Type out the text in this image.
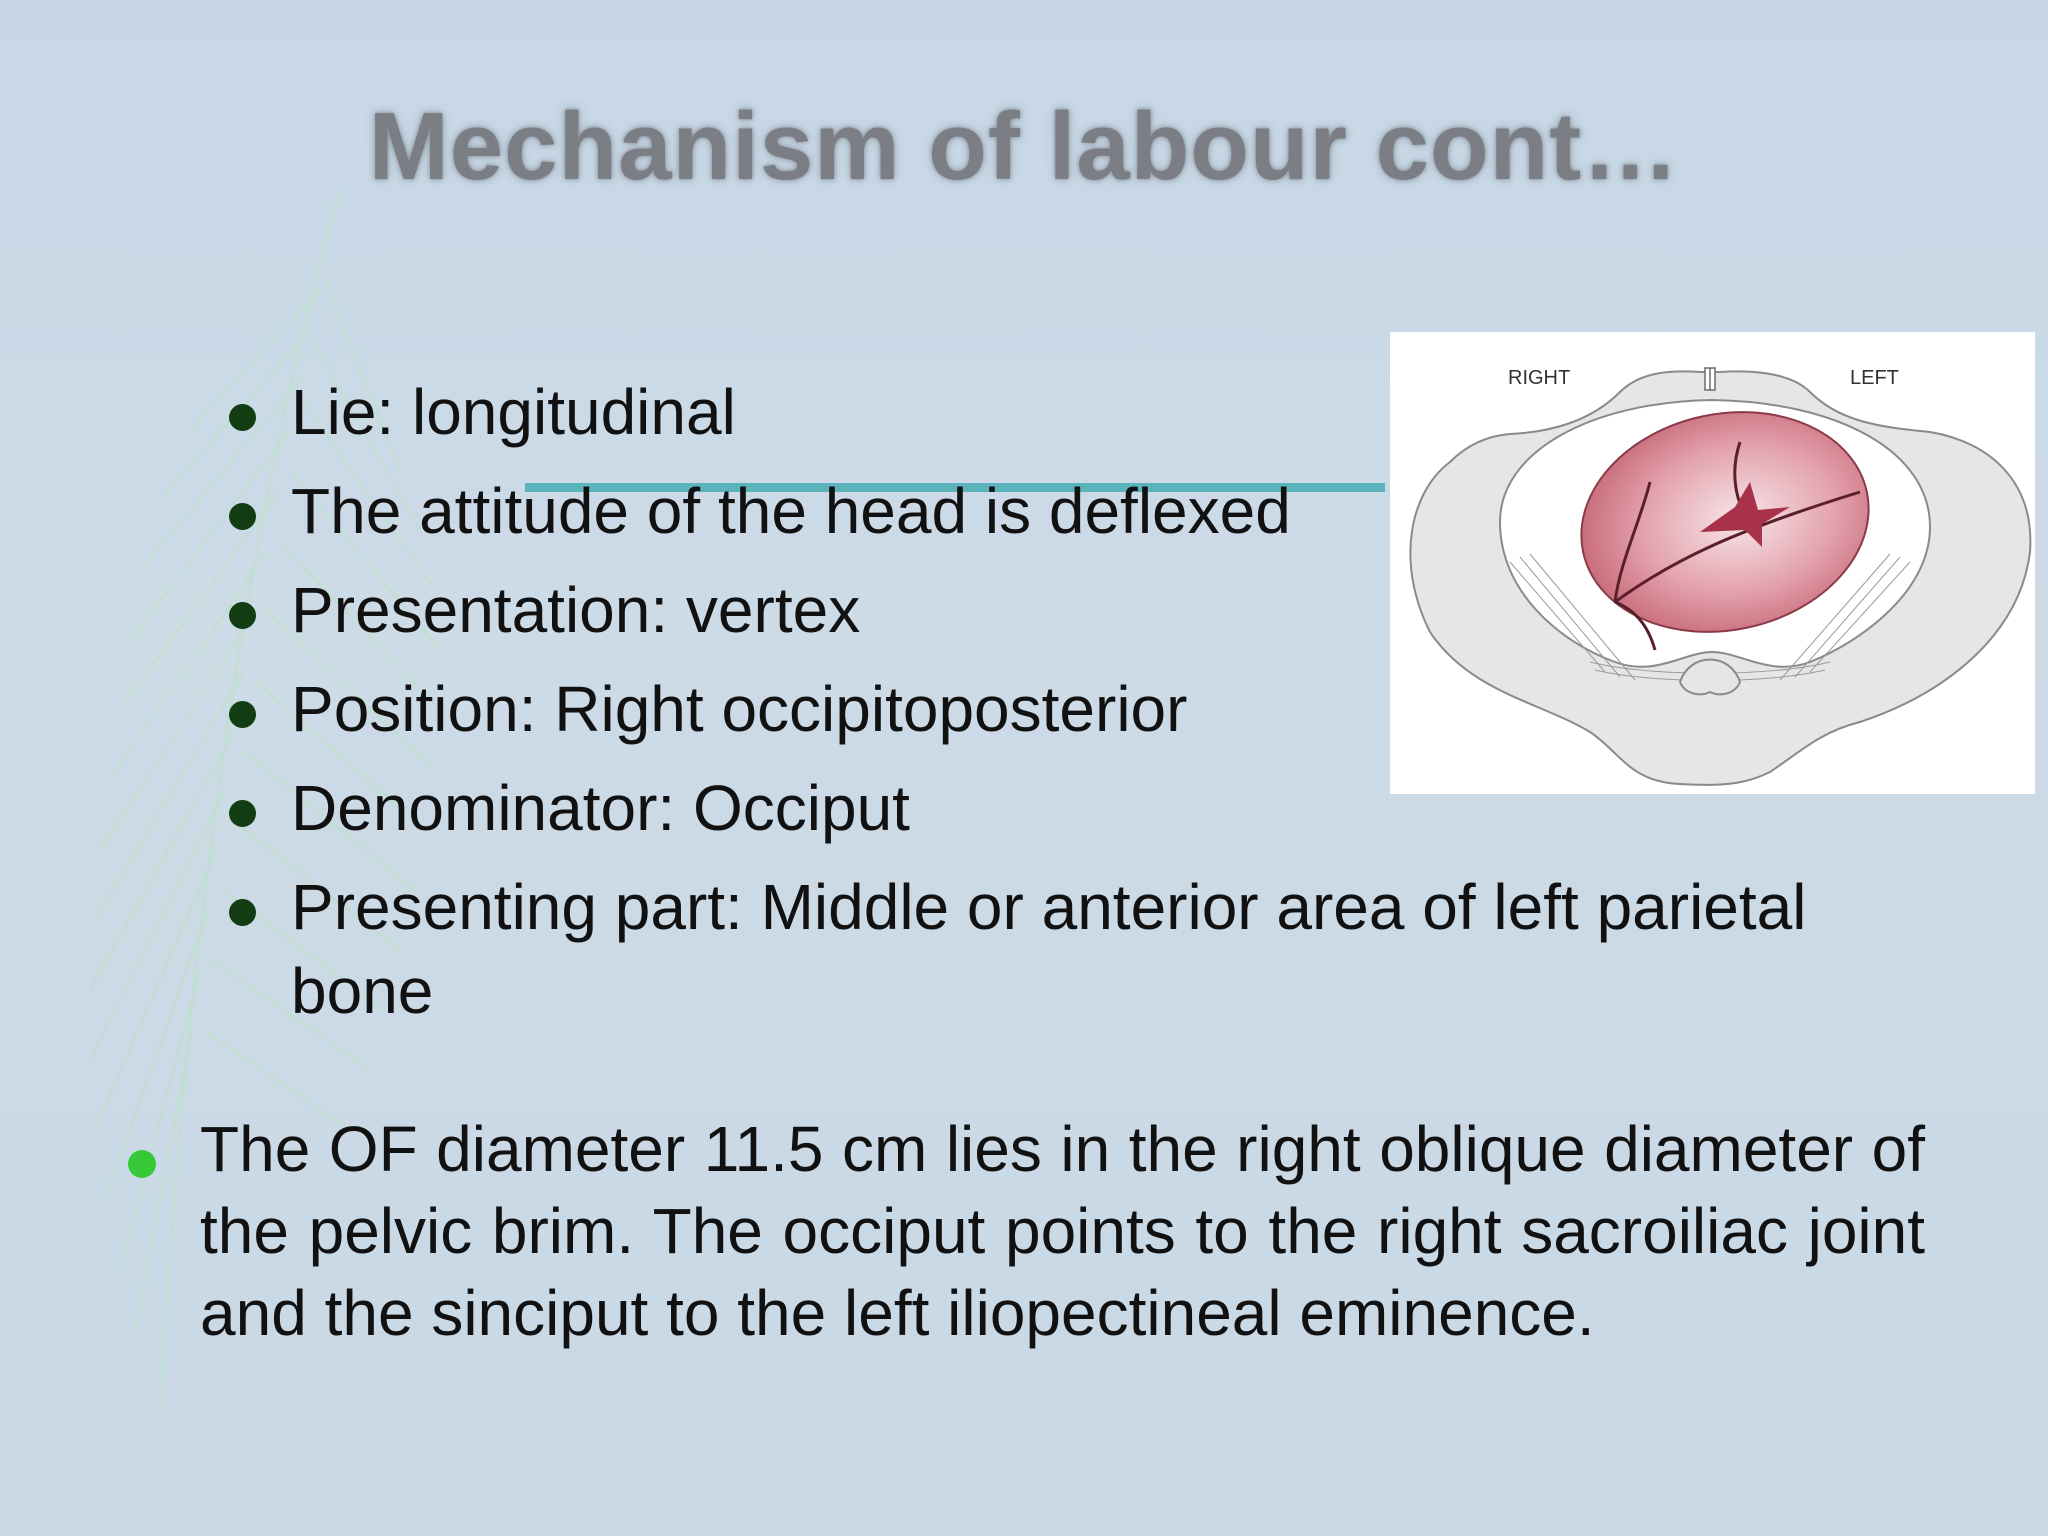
Mechanism of labour cont…
Lie: longitudinal
The attitude of the head is deflexed
Presentation: vertex
Position: Right occipitoposterior
Denominator: Occiput
Presenting part: Middle or anterior area of left parietal bone

The OF diameter 11.5 cm lies in the right oblique diameter of the pelvic brim. The occiput points to the right sacroiliac joint and the sinciput to the left iliopectineal eminence.

RIGHT	LEFT
